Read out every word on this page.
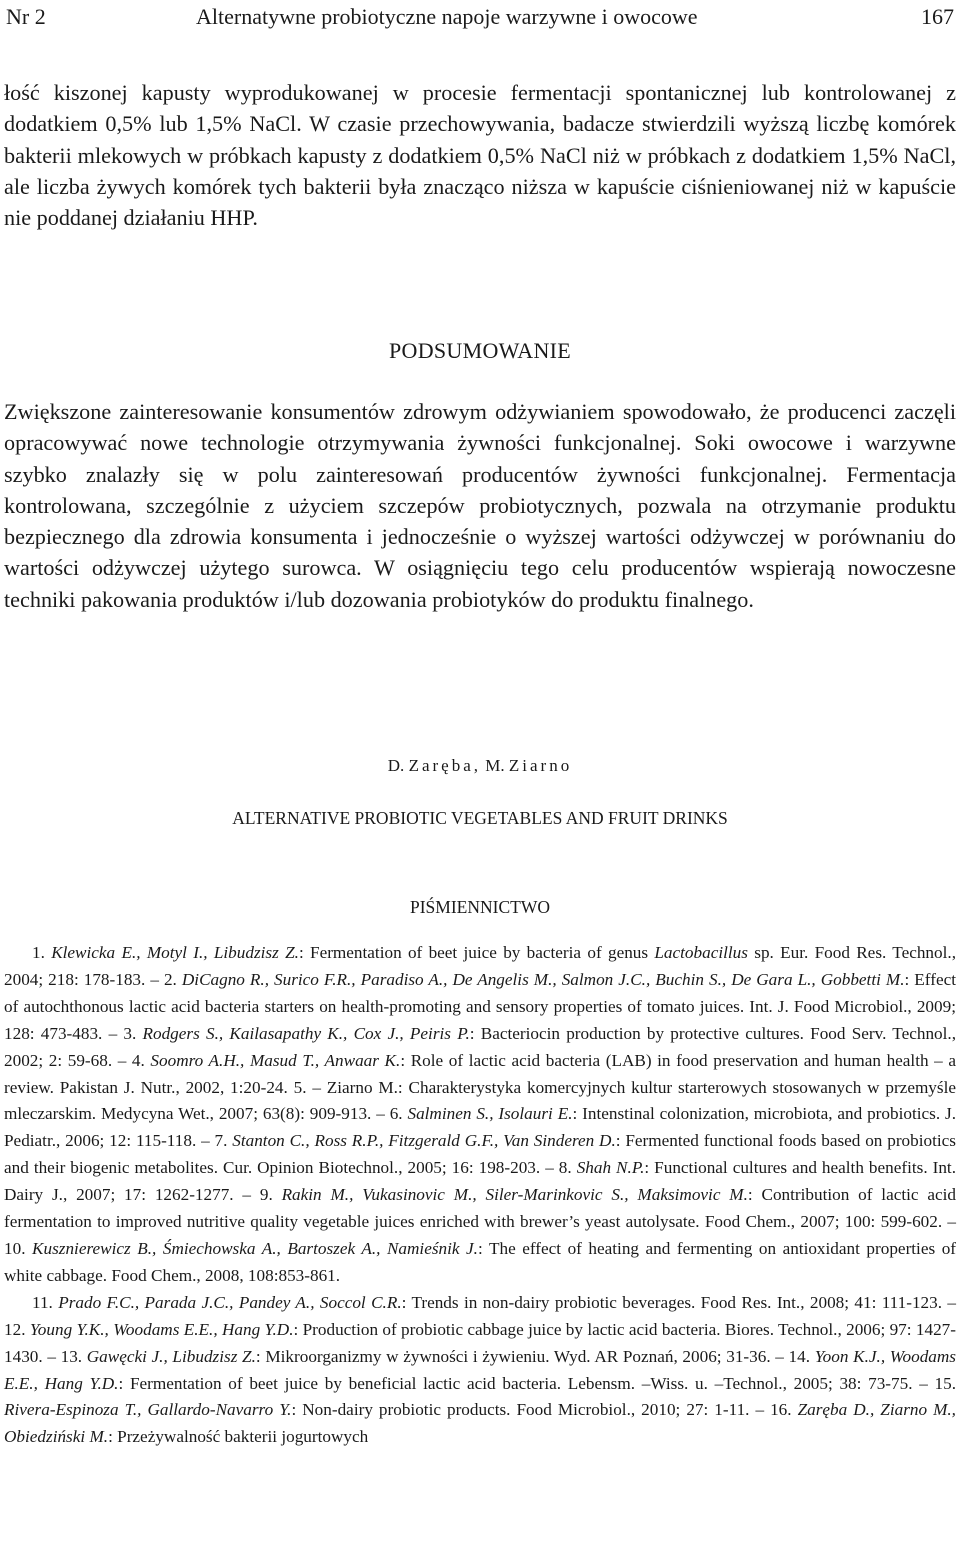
Nr 2	Alternatywne probiotyczne napoje warzywne i owocowe	167

łość kiszonej kapusty wyprodukowanej w procesie fermentacji spontanicznej lub kontrolowanej z dodatkiem 0,5% lub 1,5% NaCl. W czasie przechowywania, badacze stwierdzili wyższą liczbę komórek bakterii mlekowych w próbkach kapusty z dodatkiem 0,5% NaCl niż w próbkach z dodatkiem 1,5% NaCl, ale liczba żywych komórek tych bakterii była znacząco niższa w kapuście ciśnieniowanej niż w kapuście nie poddanej działaniu HHP.

PODSUMOWANIE

Zwiększone zainteresowanie konsumentów zdrowym odżywianiem spowodowało, że producenci zaczęli opracowywać nowe technologie otrzymywania żywności funkcjonalnej. Soki owocowe i warzywne szybko znalazły się w polu zainteresowań producentów żywności funkcjonalnej. Fermentacja kontrolowana, szczególnie z użyciem szczepów probiotycznych, pozwala na otrzymanie produktu bezpiecznego dla zdrowia konsumenta i jednocześnie o wyższej wartości odżywczej w porównaniu do wartości odżywczej użytego surowca. W osiągnięciu tego celu producentów wspierają nowoczesne techniki pakowania produktów i/lub dozowania probiotyków do produktu finalnego.

D. Zaręba, M. Ziarno
ALTERNATIVE PROBIOTIC VEGETABLES AND FRUIT DRINKS
PIŚMIENNICTWO

1. Klewicka E., Motyl I., Libudzisz Z.: Fermentation of beet juice by bacteria of genus Lactobacillus sp. Eur. Food Res. Technol., 2004; 218: 178-183. – 2. DiCagno R., Surico F.R., Paradiso A., De Angelis M., Salmon J.C., Buchin S., De Gara L., Gobbetti M.: Effect of autochthonous lactic acid bacteria starters on health-promoting and sensory properties of tomato juices. Int. J. Food Microbiol., 2009; 128: 473-483. – 3. Rodgers S., Kailasapathy K., Cox J., Peiris P.: Bacteriocin production by protective cultures. Food Serv. Technol., 2002; 2: 59-68. – 4. Soomro A.H., Masud T., Anwaar K.: Role of lactic acid bacteria (LAB) in food preservation and human health – a review. Pakistan J. Nutr., 2002, 1:20-24. 5. – Ziarno M.: Charakterystyka komercyjnych kultur starterowych stosowanych w przemyśle mleczarskim. Medycyna Wet., 2007; 63(8): 909-913. – 6. Salminen S., Isolauri E.: Intenstinal colonization, microbiota, and probiotics. J. Pediatr., 2006; 12: 115-118. – 7. Stanton C., Ross R.P., Fitzgerald G.F., Van Sinderen D.: Fermented functional foods based on probiotics and their biogenic metabolites. Cur. Opinion Biotechnol., 2005; 16: 198-203. – 8. Shah N.P.: Functional cultures and health benefits. Int. Dairy J., 2007; 17: 1262-1277. – 9. Rakin M., Vukasinovic M., Siler-Marinkovic S., Maksimovic M.: Contribution of lactic acid fermentation to improved nutritive quality vegetable juices enriched with brewer’s yeast autolysate. Food Chem., 2007; 100: 599-602. – 10. Kusznierewicz B., Śmiechowska A., Bartoszek A., Namieśnik J.: The effect of heating and fermenting on antioxidant properties of white cabbage. Food Chem., 2008, 108:853-861.

11. Prado F.C., Parada J.C., Pandey A., Soccol C.R.: Trends in non-dairy probiotic beverages. Food Res. Int., 2008; 41: 111-123. – 12. Young Y.K., Woodams E.E., Hang Y.D.: Production of probiotic cabbage juice by lactic acid bacteria. Biores. Technol., 2006; 97: 1427-1430. – 13. Gawęcki J., Libudzisz Z.: Mikroorganizmy w żywności i żywieniu. Wyd. AR Poznań, 2006; 31-36. – 14. Yoon K.J., Woodams E.E., Hang Y.D.: Fermentation of beet juice by beneficial lactic acid bacteria. Lebensm. –Wiss. u. –Technol., 2005; 38: 73-75. – 15. Rivera-Espinoza T., Gallardo-Navarro Y.: Non-dairy probiotic products. Food Microbiol., 2010; 27: 1-11. – 16. Zaręba D., Ziarno M., Obiedziński M.: Przeżywalność bakterii jogurtowych
